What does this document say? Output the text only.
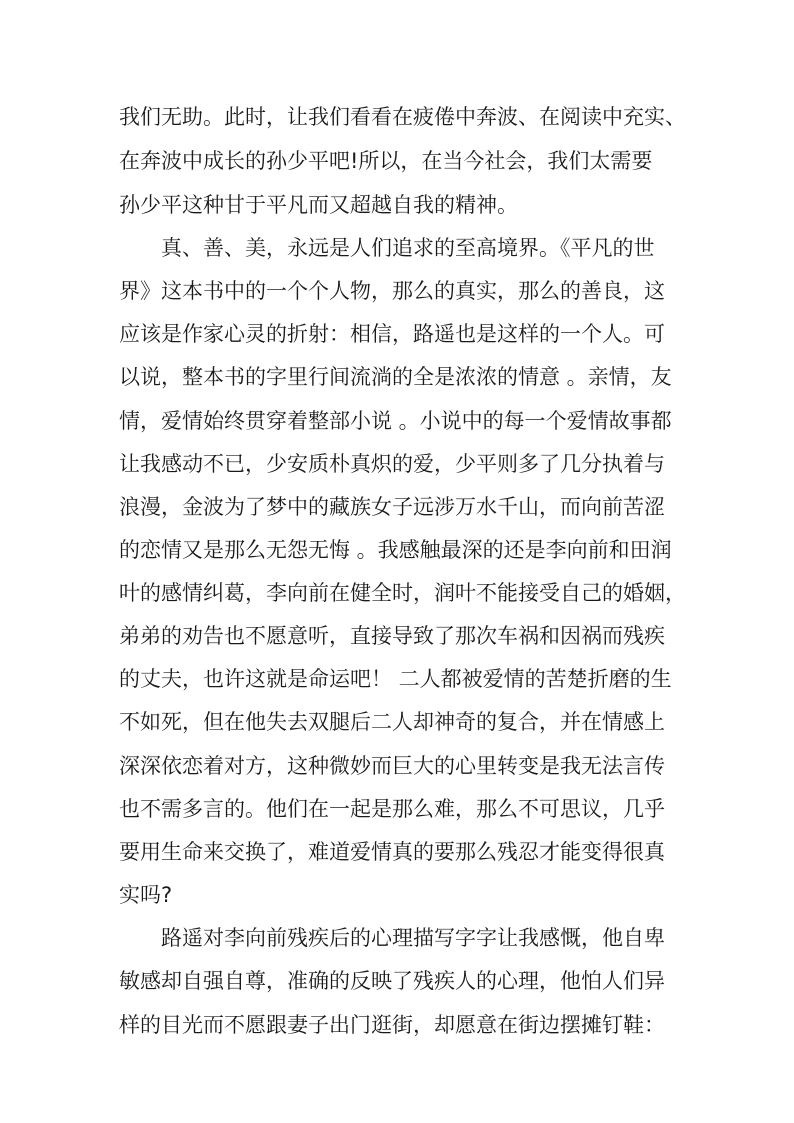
我们无助。此时，让我们看看在疲倦中奔波、在阅读中充实、
在奔波中成长的孙少平吧!所以，在当今社会，我们太需要
孙少平这种甘于平凡而又超越自我的精神。
真、善、美，永远是人们追求的至高境界。《平凡的世
界》这本书中的一个个人物，那么的真实，那么的善良，这
应该是作家心灵的折射：相信，路遥也是这样的一个人。可
以说，整本书的字里行间流淌的全是浓浓的情意 。亲情，友
情，爱情始终贯穿着整部小说 。小说中的每一个爱情故事都
让我感动不已，少安质朴真炽的爱，少平则多了几分执着与
浪漫，金波为了梦中的藏族女子远涉万水千山，而向前苦涩
的恋情又是那么无怨无悔 。我感触最深的还是李向前和田润
叶的感情纠葛，李向前在健全时，润叶不能接受自己的婚姻，
弟弟的劝告也不愿意听，直接导致了那次车祸和因祸而残疾
的丈夫，也许这就是命运吧！ 二人都被爱情的苦楚折磨的生
不如死，但在他失去双腿后二人却神奇的复合，并在情感上
深深依恋着对方，这种微妙而巨大的心里转变是我无法言传
也不需多言的。他们在一起是那么难，那么不可思议，几乎
要用生命来交换了，难道爱情真的要那么残忍才能变得很真
实吗?
路遥对李向前残疾后的心理描写字字让我感慨，他自卑
敏感却自强自尊，准确的反映了残疾人的心理，他怕人们异
样的目光而不愿跟妻子出门逛街，却愿意在街边摆摊钉鞋：
